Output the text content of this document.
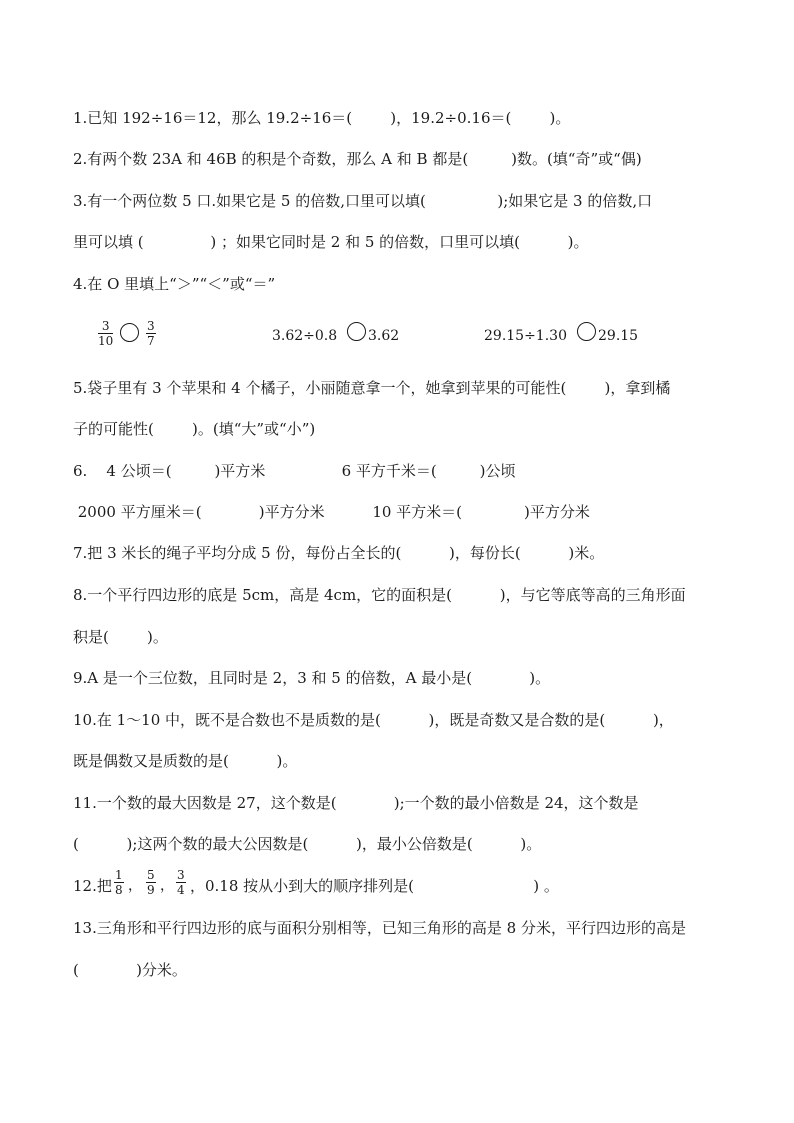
1.已知 192÷16＝12，那么 19.2÷16＝(        )，19.2÷0.16＝(        )。
2.有两个数 23A 和 46B 的积是个奇数，那么 A 和 B 都是(         )数。(填“奇”或“偶)
3.有一个两位数 5 口.如果它是 5 的倍数,口里可以填(               );如果它是 3 的倍数,口
里可以填 (              ) ；如果它同时是 2 和 5 的倍数，口里可以填(          )。
4.在 O 里填上“＞”“＜”或“＝”
$\frac{3}{10}$	$\frac{3}{7}$	3.62÷0.8 3.62	29.15÷1.30 29.15
5.袋子里有 3 个苹果和 4 个橘子，小丽随意拿一个，她拿到苹果的可能性(        )，拿到橘
子的可能性(        )。(填“大”或“小”)
6.    4 公顷＝(         )平方米                6 平方千米＝(         )公顷
2000 平方厘米＝(            )平方分米          10 平方米＝(             )平方分米
7.把 3 米长的绳子平均分成 5 份，每份占全长的(          )，每份长(          )米。
8.一个平行四边形的底是 5cm，高是 4cm，它的面积是(          )，与它等底等高的三角形面
积是(        )。
9.A 是一个三位数，且同时是 2，3 和 5 的倍数，A 最小是(            )。
10.在 1～10 中，既不是合数也不是质数的是(          )，既是奇数又是合数的是(          )，
既是偶数又是质数的是(          )。
11.一个数的最大因数是 27，这个数是(            );一个数的最小倍数是 24，这个数是
(          );这两个数的最大公因数是(          )，最小公倍数是(          )。
12.把 $\frac{1}{8}$ ， $\frac{5}{9}$ ， $\frac{3}{4}$ ，0.18 按从小到大的顺序排列是(                         ) 。
13.三角形和平行四边形的底与面积分别相等，已知三角形的高是 8 分米，平行四边形的高是
(            )分米。
